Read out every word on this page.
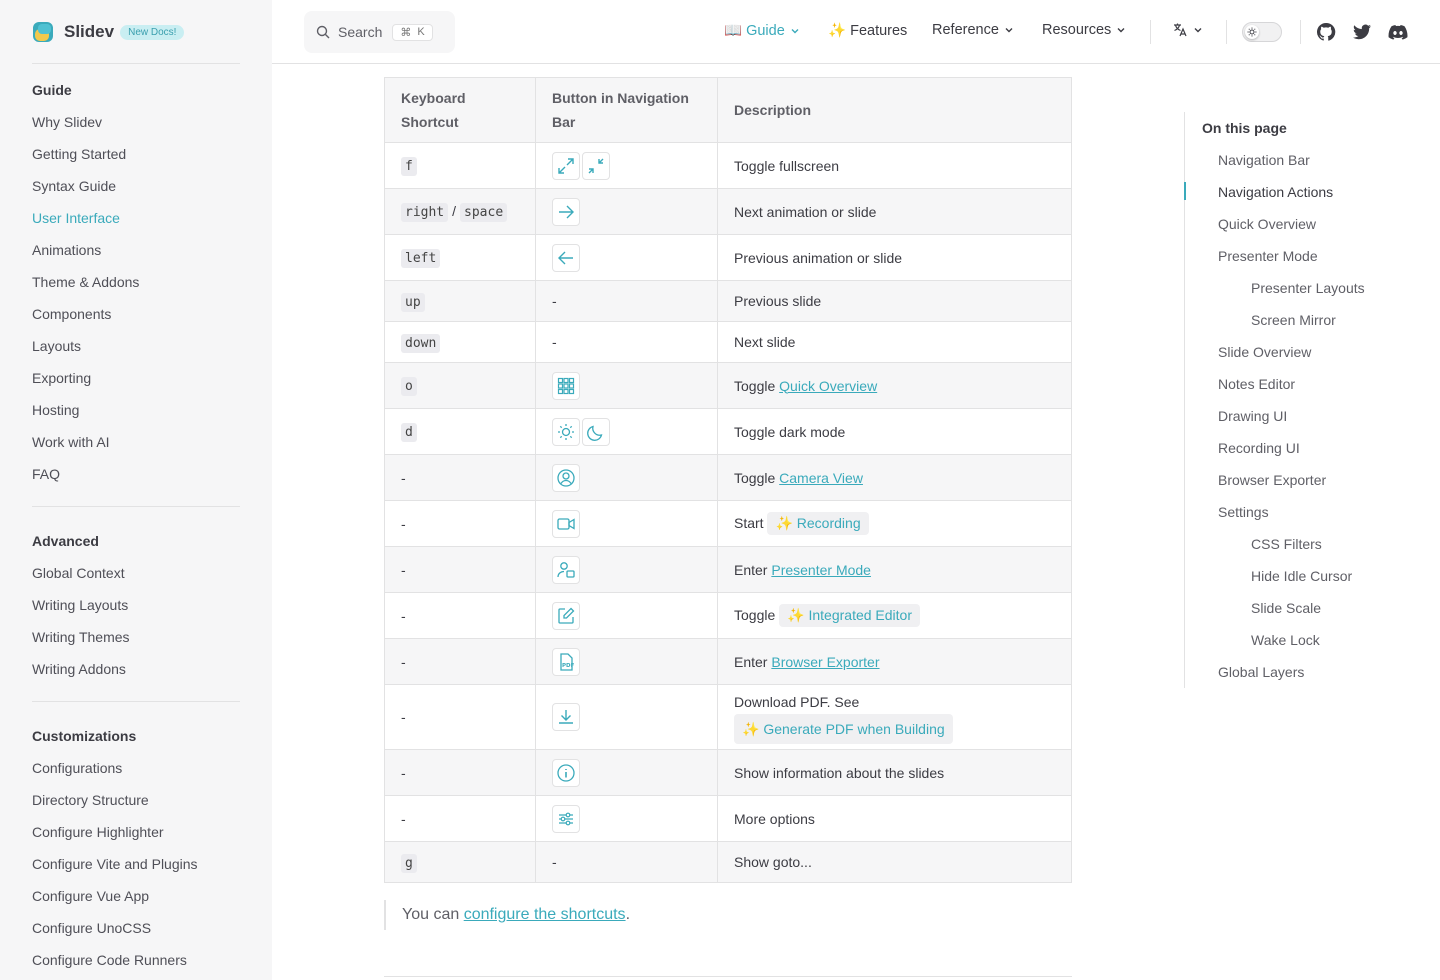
Slidev	New Docs!
Guide
Why Slidev
Getting Started
Syntax Guide
User Interface
Animations
Theme & Addons
Components
Layouts
Exporting
Hosting
Work with AI
FAQ
Advanced
Global Context
Writing Layouts
Writing Themes
Writing Addons
Customizations
Configurations
Directory Structure
Configure Highlighter
Configure Vite and Plugins
Configure Vue App
Configure UnoCSS
Configure Code Runners
Search ⌘ K	📖 Guide	✨ Features Reference	Resources
Keyboard Shortcut	Button in Navigation Bar	Description
f		Toggle fullscreen
right / space		Next animation or slide
left		Previous animation or slide
up	-	Previous slide
down	-	Next slide
o		Toggle Quick Overview
d		Toggle dark mode
-		Toggle Camera View
-		Start ✨ Recording
-		Enter Presenter Mode
-		Toggle ✨ Integrated Editor
-	PDF	Enter Browser Exporter
-		Download PDF. See
✨ Generate PDF when Building
-		Show information about the slides
-		More options
g	-	Show goto...
You can configure the shortcuts.
On this page
Navigation Bar
Navigation Actions
Quick Overview
Presenter Mode
Presenter Layouts
Screen Mirror
Slide Overview
Notes Editor
Drawing UI
Recording UI
Browser Exporter
Settings
CSS Filters
Hide Idle Cursor
Slide Scale
Wake Lock
Global Layers
